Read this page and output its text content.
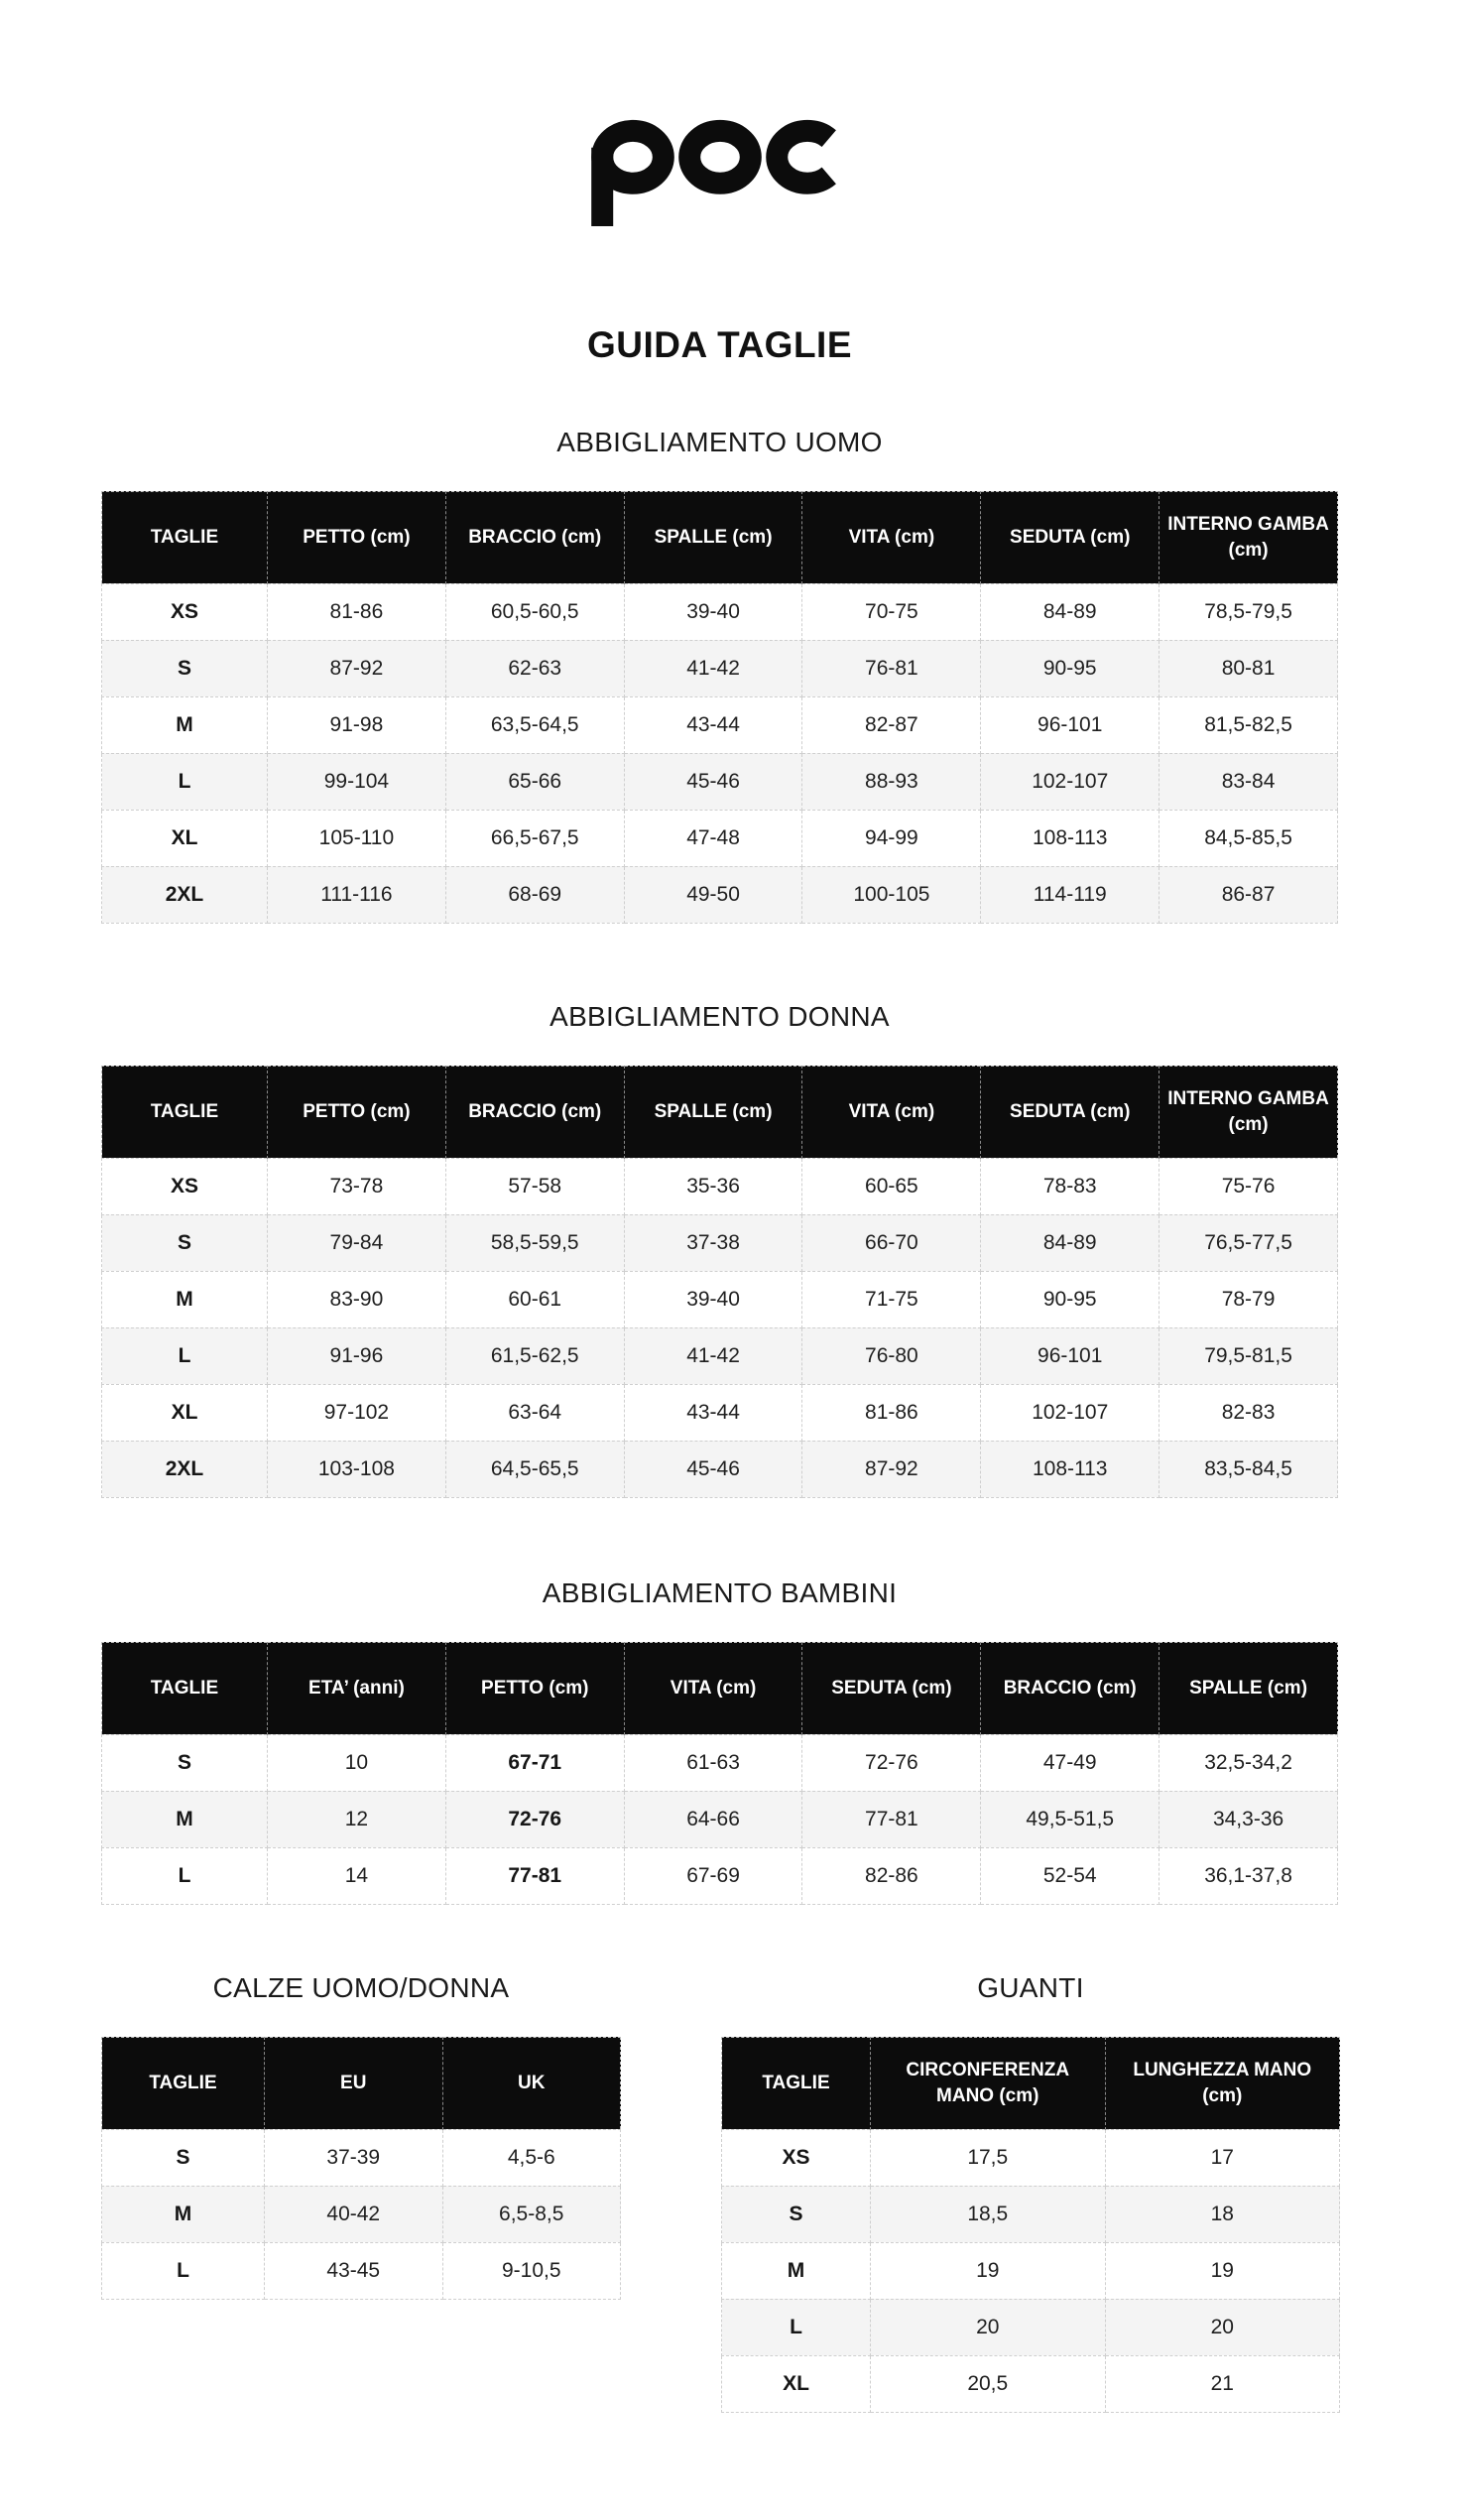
GUIDA TAGLIE
ABBIGLIAMENTO UOMO
TAGLIE	PETTO (cm)	BRACCIO (cm)	SPALLE (cm)	VITA (cm)	SEDUTA (cm)	INTERNO GAMBA (cm)
XS	81-86	60,5-60,5	39-40	70-75	84-89	78,5-79,5
S	87-92	62-63	41-42	76-81	90-95	80-81
M	91-98	63,5-64,5	43-44	82-87	96-101	81,5-82,5
L	99-104	65-66	45-46	88-93	102-107	83-84
XL	105-110	66,5-67,5	47-48	94-99	108-113	84,5-85,5
2XL	111-116	68-69	49-50	100-105	114-119	86-87
ABBIGLIAMENTO DONNA
TAGLIE	PETTO (cm)	BRACCIO (cm)	SPALLE (cm)	VITA (cm)	SEDUTA (cm)	INTERNO GAMBA (cm)
XS	73-78	57-58	35-36	60-65	78-83	75-76
S	79-84	58,5-59,5	37-38	66-70	84-89	76,5-77,5
M	83-90	60-61	39-40	71-75	90-95	78-79
L	91-96	61,5-62,5	41-42	76-80	96-101	79,5-81,5
XL	97-102	63-64	43-44	81-86	102-107	82-83
2XL	103-108	64,5-65,5	45-46	87-92	108-113	83,5-84,5
ABBIGLIAMENTO BAMBINI
TAGLIE	ETA’ (anni)	PETTO (cm)	VITA (cm)	SEDUTA (cm)	BRACCIO (cm)	SPALLE (cm)
S	10	67-71	61-63	72-76	47-49	32,5-34,2
M	12	72-76	64-66	77-81	49,5-51,5	34,3-36
L	14	77-81	67-69	82-86	52-54	36,1-37,8
CALZE UOMO/DONNA
TAGLIE	EU	UK
S	37-39	4,5-6
M	40-42	6,5-8,5
L	43-45	9-10,5
GUANTI
TAGLIE	CIRCONFERENZA MANO (cm)	LUNGHEZZA MANO (cm)
XS	17,5	17
S	18,5	18
M	19	19
L	20	20
XL	20,5	21
